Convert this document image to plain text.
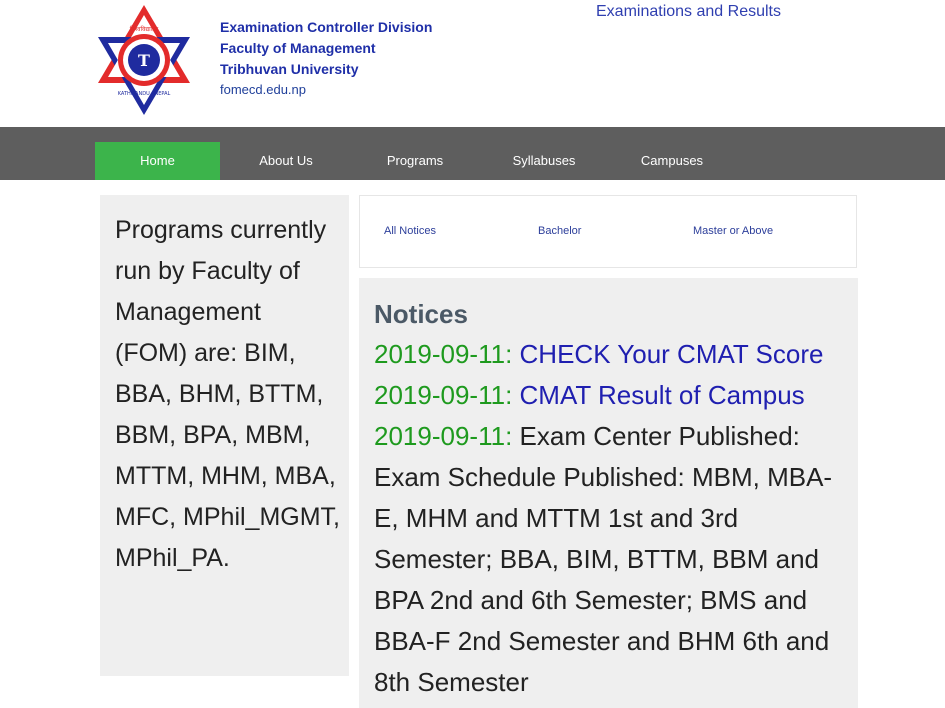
T
विश्वविद्यालय
KATHMANDU · NEPAL
Examination Controller Division
Faculty of Management
Tribhuvan University
fomecd.edu.np
Examinations and Results
Home	About Us	Programs	Syllabuses	Campuses
Programs currently run by Faculty of Management (FOM) are: BIM, BBA, BHM, BTTM, BBM, BPA, MBM, MTTM, MHM, MBA, MFC, MPhil_MGMT, MPhil_PA.
All Notices	Bachelor	Master or Above
Notices
2019-09-11: CHECK Your CMAT Score
2019-09-11: CMAT Result of Campus
2019-09-11: Exam Center Published: Exam Schedule Published: MBM, MBA-E, MHM and MTTM 1st and 3rd Semester; BBA, BIM, BTTM, BBM and BPA 2nd and 6th Semester; BMS and BBA-F 2nd Semester and BHM 6th and 8th Semester
